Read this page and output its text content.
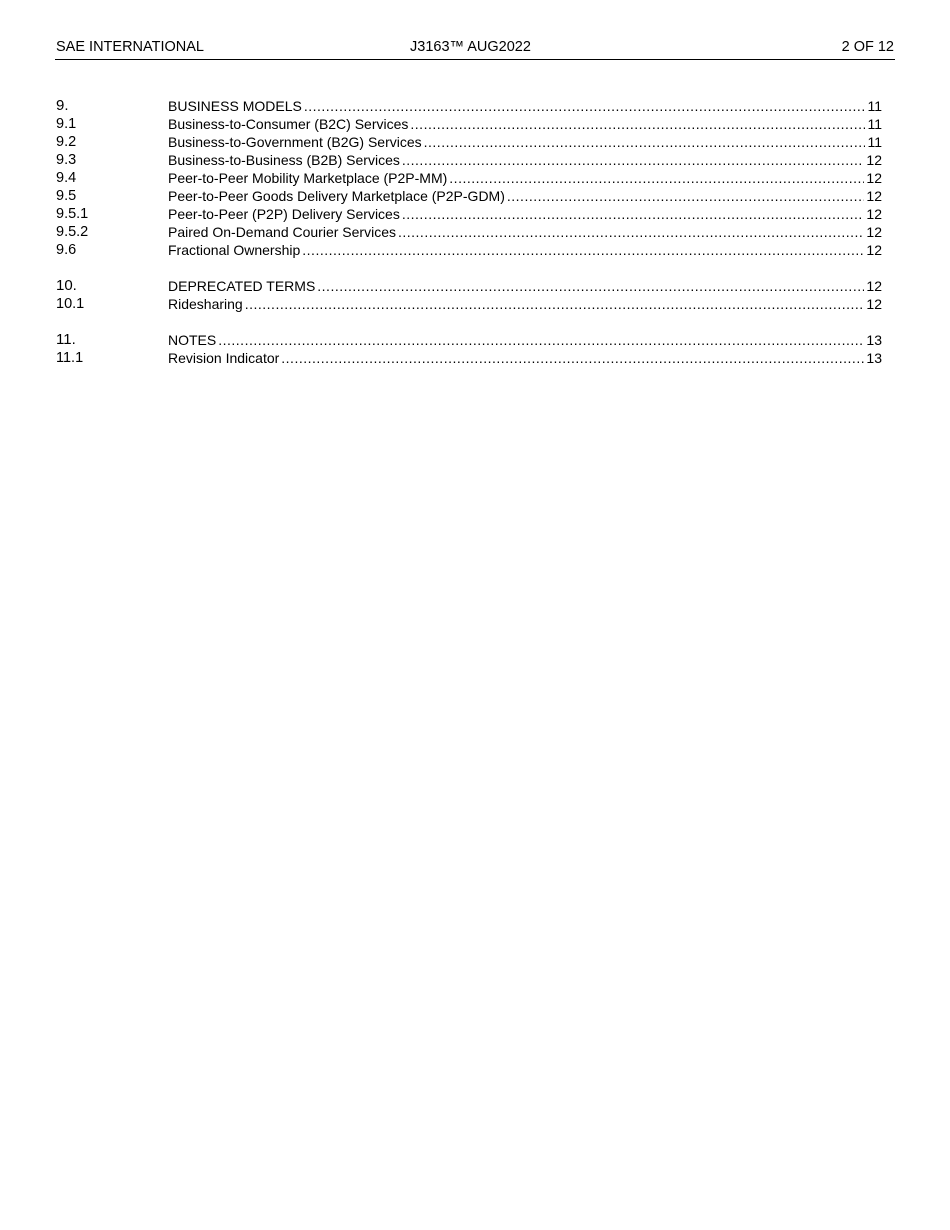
SAE INTERNATIONAL	J3163™ AUG2022	2 OF 12
9.	BUSINESS MODELS .....	11
9.1	Business-to-Consumer (B2C) Services .....	11
9.2	Business-to-Government (B2G) Services .....	11
9.3	Business-to-Business (B2B) Services .....	12
9.4	Peer-to-Peer Mobility Marketplace (P2P-MM) .....	12
9.5	Peer-to-Peer Goods Delivery Marketplace (P2P-GDM) .....	12
9.5.1	Peer-to-Peer (P2P) Delivery Services .....	12
9.5.2	Paired On-Demand Courier Services .....	12
9.6	Fractional Ownership .....	12
10.	DEPRECATED TERMS .....	12
10.1	Ridesharing .....	12
11.	NOTES .....	13
11.1	Revision Indicator .....	13
